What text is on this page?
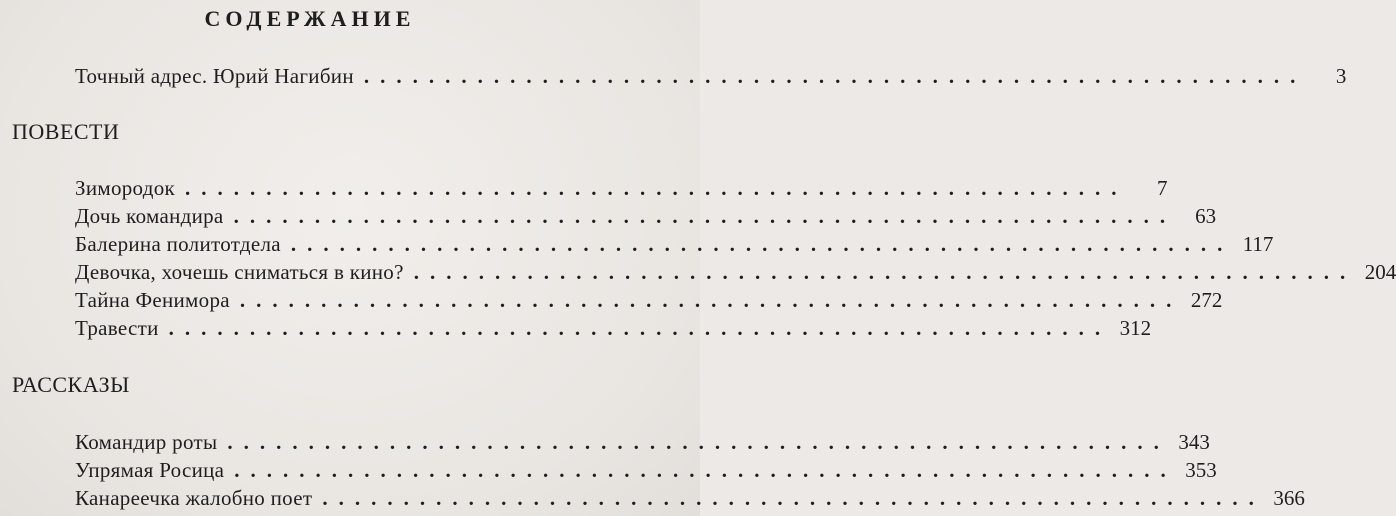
СОДЕРЖАНИЕ
Точный адрес. Юрий Нагибин ..........................................................	3
ПОВЕСТИ
Зимородок ..........................................................	7
Дочь командира .......................................................... 63
Балерина политотдела .......................................................... 117
Девочка, хочешь сниматься в кино? .......................................................... 204
Тайна Фенимора .......................................................... 272
Травести .......................................................... 312
РАССКАЗЫ
Командир роты .......................................................... 343
Упрямая Росица .......................................................... 353
Канареечка жалобно поет .......................................................... 366
